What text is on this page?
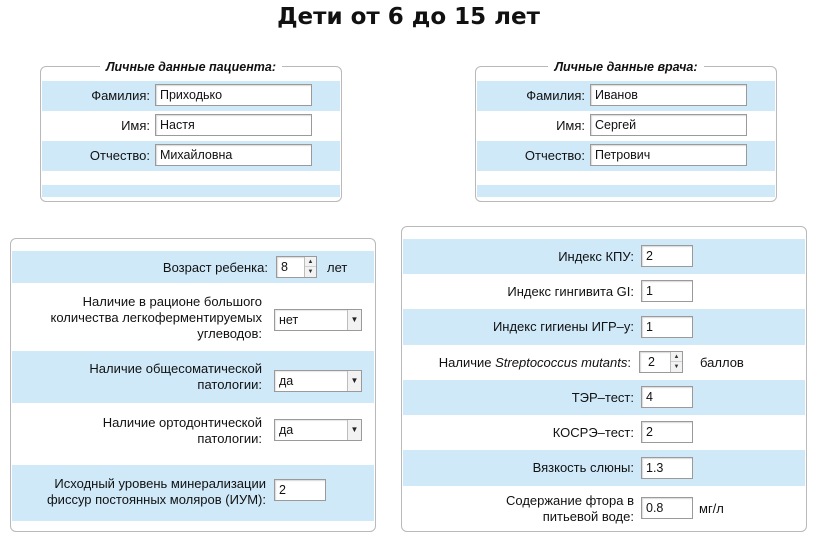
Дети от 6 до 15 лет
Личные данные пациента:
Фамилия: Приходько
Имя: Настя
Отчество: Михайловна
Личные данные врача:
Фамилия: Иванов
Имя: Сергей
Отчество: Петрович
Возраст ребенка: 8	▲
▼ лет
Наличие в рационе большого
количества легкоферментируемых
углеводов:
нет	▼
Наличие общесоматической
патологии: да	▼
Наличие ортодонтической
патологии:
да	▼
Исходный уровень минерализации
фиссур постоянных моляров (ИУМ):
2
Индекс КПУ: 2
Индекс гингивита GI: 1
Индекс гигиены ИГР–у: 1
Наличие Streptococcus mutants: 2	▲
▼ баллов
ТЭР–тест: 4
КОСРЭ–тест: 2
Вязкость слюны: 1.3
Содержание фтора в
питьевой воде:
0.8	мг/л
